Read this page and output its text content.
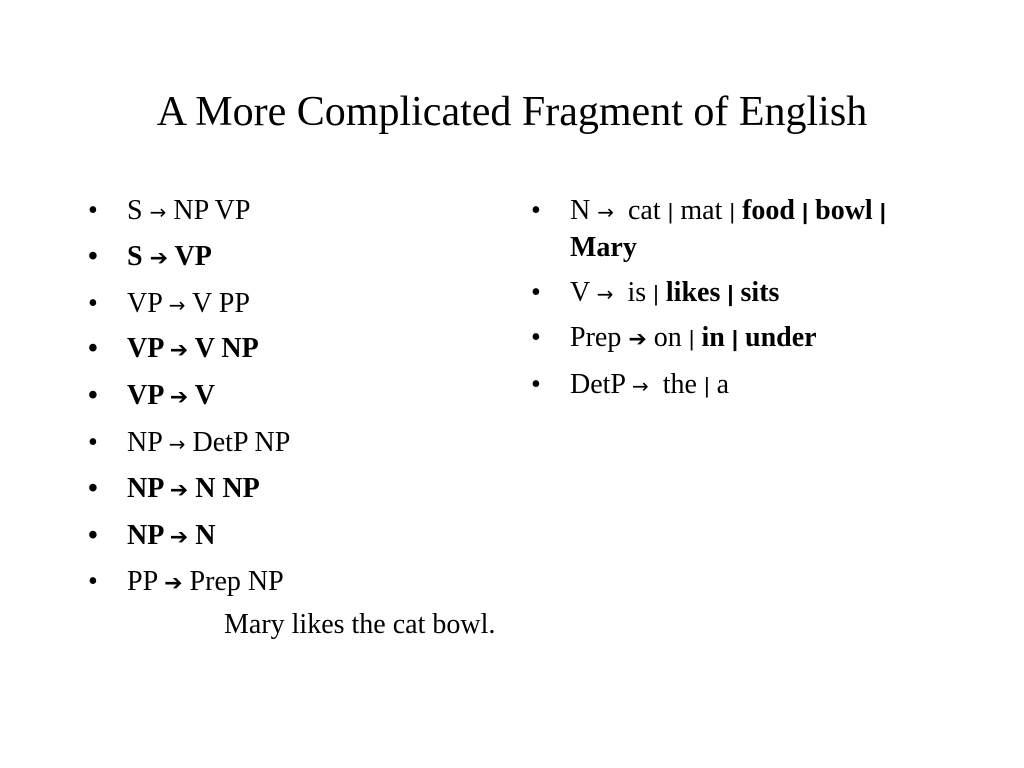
A More Complicated Fragment of English
•	S → NP VP
•	S ➔ VP
•	VP → V PP
•	VP ➔ V NP
•	VP ➔ V
•	NP → DetP NP
•	NP ➔ N NP
•	NP ➔ N
•	PP ➔ Prep NP
•	N → cat | mat | food | bowl | Mary
•	V → is | likes | sits
•	Prep ➔ on | in | under
•	DetP → the | a

Mary likes the cat bowl.
